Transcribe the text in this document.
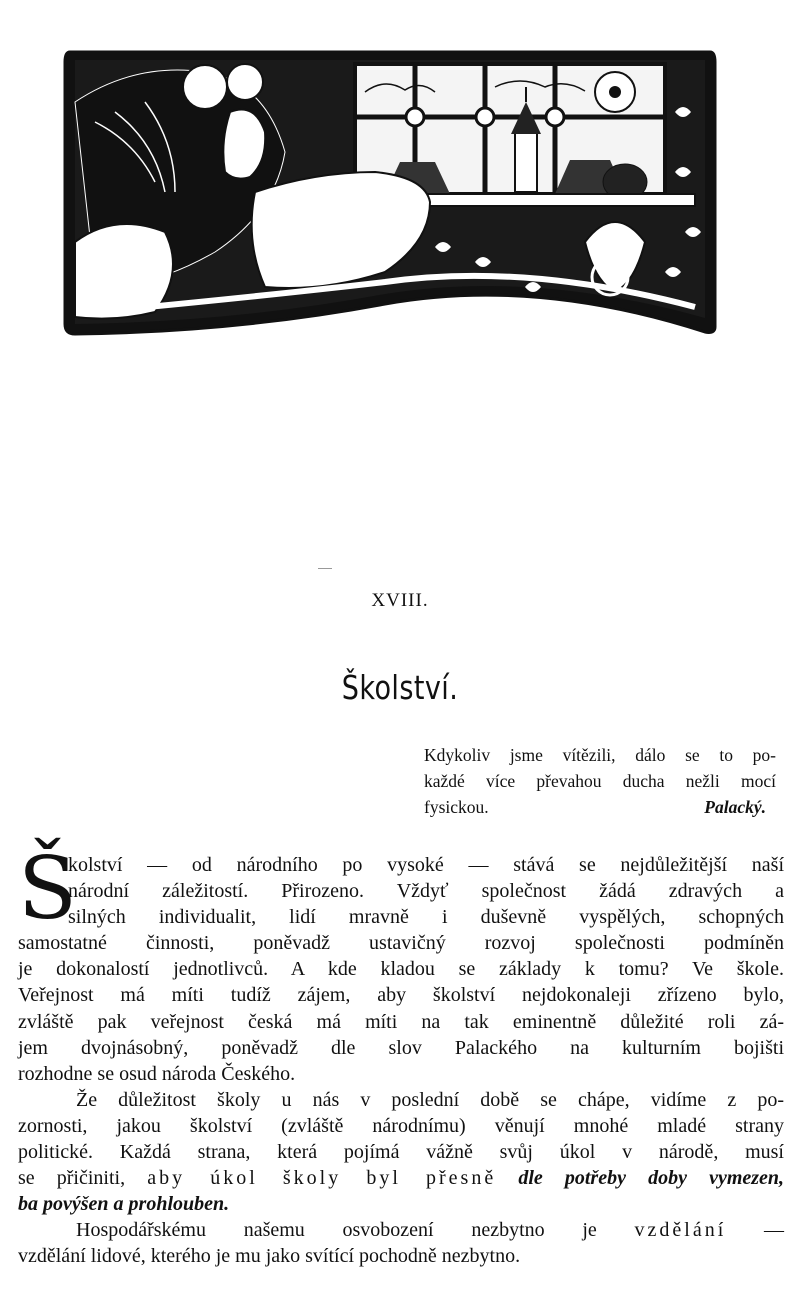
XVIII.
Školství.
Kdykoliv jsme vítězili, dálo se to po-
každé více převahou ducha nežli mocí
fysickou.	Palacký.
Š
kolství — od národního po vysoké — stává se nejdůležitější naší
národní záležitostí. Přirozeno. Vždyť společnost žádá zdravých a
silných individualit, lidí mravně i duševně vyspělých, schopných
samostatné činnosti, poněvadž ustavičný rozvoj společnosti podmíněn
je dokonalostí jednotlivců. A kde kladou se základy k tomu? Ve škole.
Veřejnost má míti tudíž zájem, aby školství nejdokonaleji zřízeno bylo,
zvláště pak veřejnost česká má míti na tak eminentně důležité roli zá-
jem dvojnásobný, poněvadž dle slov Palackého na kulturním bojišti
rozhodne se osud národa Českého.
Že důležitost školy u nás v poslední době se chápe, vidíme z po-
zornosti, jakou školství (zvláště národnímu) věnují mnohé mladé strany
politické. Každá strana, která pojímá vážně svůj úkol v národě, musí
se přičiniti, aby úkol školy byl přesně dle potřeby doby vymezen,
ba povýšen a prohlouben.
Hospodářskému našemu osvobození nezbytno je vzdělání —
vzdělání lidové, kterého je mu jako svítící pochodně nezbytno.
